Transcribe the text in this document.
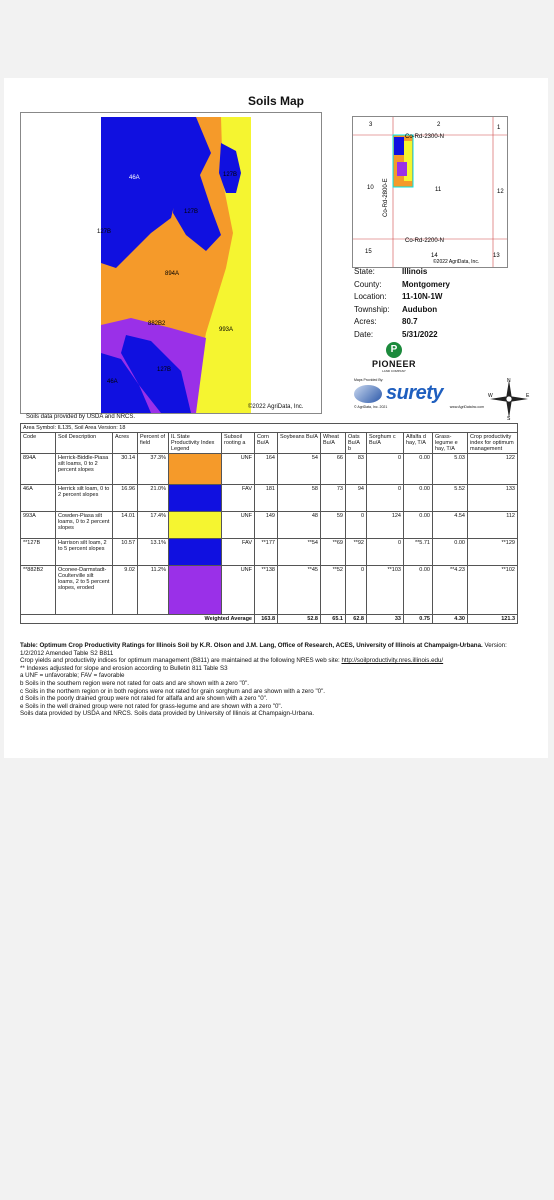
Soils Map
46A	127B
127B
127B
894A
882B2
993A
127B
46A
©2022 AgriData, Inc.
Soils data provided by USDA and NRCS.
3	2	1
10	11	12
15
14	13
Co-Rd-2300-N
Co-Rd-2200-N
Co-Rd-2800-E
©2022 AgriData, Inc.
State:	Illinois
County:	Montgomery
Location:	11-10N-1W
Township:	Audubon
Acres:	80.7
Date:	5/31/2022
P
PIONEER
LAND COMPANY
Maps Provided By:
surety
© AgriData, Inc. 2021	www.AgriDataInc.com
N
S
E
W
Area Symbol: IL135, Soil Area Version: 18													
Code	Soil Description	Acres	Percent of field	IL State Productivity Index Legend	Subsoil rooting a	Corn Bu/A	Soybeans Bu/A	Wheat Bu/A	Oats Bu/A b	Sorghum c Bu/A	Alfalfa d hay, T/A	Grass-legume e hay, T/A	Crop productivity index for optimum management
894A	Herrick-Biddle-Piasa silt loams, 0 to 2 percent slopes	30.14	37.3%		UNF	164	54	66	83	0	0.00	5.03	122
46A	Herrick silt loam, 0 to 2 percent slopes	16.96	21.0%		FAV	181	58	73	94	0	0.00	5.52	133
993A	Cowden-Piasa silt loams, 0 to 2 percent slopes	14.01	17.4%		UNF	149	48	59	0	124	0.00	4.54	112
**127B	Harrison silt loam, 2 to 5 percent slopes	10.57	13.1%		FAV	**177	**54	**69	**92	0	**5.71	0.00	**129
**882B2	Oconee-Darmstadt-Coulterville silt loams, 2 to 5 percent slopes, eroded	9.02	11.2%		UNF	**138	**45	**52	0	**103	0.00	**4.23	**102
Weighted Average						163.8	52.8	65.1	62.8	33	0.75	4.30	121.3
Table: Optimum Crop Productivity Ratings for Illinois Soil by K.R. Olson and J.M. Lang, Office of Research, ACES, University of Illinois at Champaign-Urbana. Version: 1/2/2012 Amended Table S2 B811
Crop yields and productivity indices for optimum management (B811) are maintained at the following NRES web site: http://soilproductivity.nres.illinois.edu/
** Indexes adjusted for slope and erosion according to Bulletin 811 Table S3
a UNF = unfavorable; FAV = favorable
b Soils in the southern region were not rated for oats and are shown with a zero "0".
c Soils in the northern region or in both regions were not rated for grain sorghum and are shown with a zero "0".
d Soils in the poorly drained group were not rated for alfalfa and are shown with a zero "0".
e Soils in the well drained group were not rated for grass-legume and are shown with a zero "0".
Soils data provided by USDA and NRCS. Soils data provided by University of Illinois at Champaign-Urbana.
